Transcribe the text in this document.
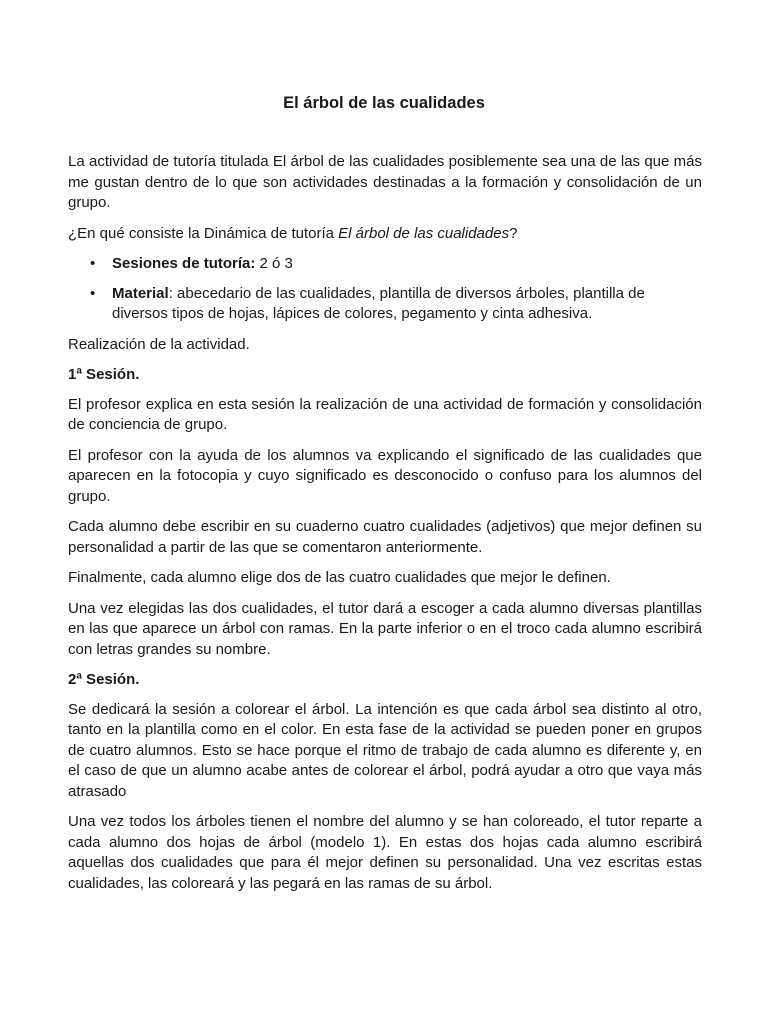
El árbol de las cualidades

La actividad de tutoría titulada El árbol de las cualidades posiblemente sea una de las que más me gustan dentro de lo que son actividades destinadas a la formación y consolidación de un grupo.

¿En qué consiste la Dinámica de tutoría El árbol de las cualidades?

• Sesiones de tutoría: 2 ó 3
• Material: abecedario de las cualidades, plantilla de diversos árboles, plantilla de diversos tipos de hojas, lápices de colores, pegamento y cinta adhesiva.

Realización de la actividad.

1ª Sesión.

El profesor explica en esta sesión la realización de una actividad de formación y consolidación de conciencia de grupo.

El profesor con la ayuda de los alumnos va explicando el significado de las cualidades que aparecen en la fotocopia y cuyo significado es desconocido o confuso para los alumnos del grupo.

Cada alumno debe escribir en su cuaderno cuatro cualidades (adjetivos) que mejor definen su personalidad a partir de las que se comentaron anteriormente.

Finalmente, cada alumno elige dos de las cuatro cualidades que mejor le definen.

Una vez elegidas las dos cualidades, el tutor dará a escoger a cada alumno diversas plantillas en las que aparece un árbol con ramas. En la parte inferior o en el troco cada alumno escribirá con letras grandes su nombre.

2ª Sesión.

Se dedicará la sesión a colorear el árbol. La intención es que cada árbol sea distinto al otro, tanto en la plantilla como en el color. En esta fase de la actividad se pueden poner en grupos de cuatro alumnos. Esto se hace porque el ritmo de trabajo de cada alumno es diferente y, en el caso de que un alumno acabe antes de colorear el árbol, podrá ayudar a otro que vaya más atrasado

Una vez todos los árboles tienen el nombre del alumno y se han coloreado, el tutor reparte a cada alumno dos hojas de árbol (modelo 1). En estas dos hojas cada alumno escribirá aquellas dos cualidades que para él mejor definen su personalidad. Una vez escritas estas cualidades, las coloreará y las pegará en las ramas de su árbol.
